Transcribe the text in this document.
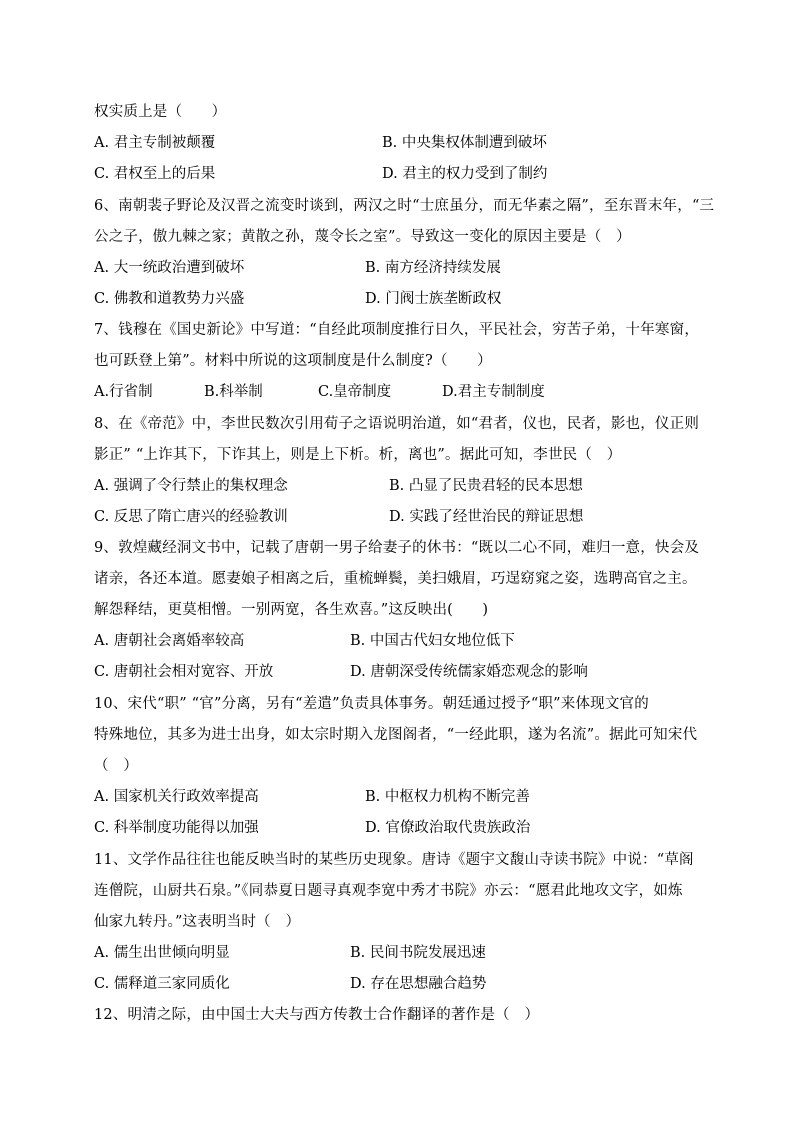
权实质上是（　　）
A. 君主专制被颠覆	B. 中央集权体制遭到破坏
C. 君权至上的后果	D. 君主的权力受到了制约
6、南朝裴子野论及汉晋之流变时谈到，两汉之时“士庶虽分，而无华素之隔”，至东晋末年，“三
公之子，傲九棘之家；黄散之孙，蔑令长之室”。导致这一变化的原因主要是（　）
A. 大一统政治遭到破坏	B. 南方经济持续发展
C. 佛教和道教势力兴盛	D. 门阀士族垄断政权
7、钱穆在《国史新论》中写道：“自经此项制度推行日久，平民社会，穷苦子弟，十年寒窗，
也可跃登上第”。材料中所说的这项制度是什么制度?（　　）
A.行省制	B.科举制	C.皇帝制度	D.君主专制制度
8、在《帝范》中，李世民数次引用荀子之语说明治道，如“君者，仪也，民者，影也，仪正则
影正” “上诈其下，下诈其上，则是上下析。析，离也”。据此可知，李世民（　）
A. 强调了令行禁止的集权理念	B. 凸显了民贵君轻的民本思想
C. 反思了隋亡唐兴的经验教训	D. 实践了经世治民的辩证思想
9、敦煌藏经洞文书中，记载了唐朝一男子给妻子的休书：“既以二心不同，难归一意，快会及
诸亲，各还本道。愿妻娘子相离之后，重梳蝉鬓，美扫娥眉，巧逞窈窕之姿，选聘高官之主。
解怨释结，更莫相憎。一别两宽，各生欢喜。”这反映出(　　)
A. 唐朝社会离婚率较高	B. 中国古代妇女地位低下
C. 唐朝社会相对宽容、开放	D. 唐朝深受传统儒家婚恋观念的影响
10、宋代“职” “官”分离，另有“差遣”负责具体事务。朝廷通过授予“职”来体现文官的
特殊地位，其多为进士出身，如太宗时期入龙图阁者，“一经此职，遂为名流”。据此可知宋代
（　）
A. 国家机关行政效率提高	B. 中枢权力机构不断完善
C. 科举制度功能得以加强	D. 官僚政治取代贵族政治
11、文学作品往往也能反映当时的某些历史现象。唐诗《题宇文馥山寺读书院》中说：“草阁
连僧院，山厨共石泉。”《同恭夏日题寻真观李宽中秀才书院》亦云：“愿君此地攻文字，如炼
仙家九转丹。”这表明当时（　）
A. 儒生出世倾向明显	B. 民间书院发展迅速
C. 儒释道三家同质化	D. 存在思想融合趋势
12、明清之际，由中国士大夫与西方传教士合作翻译的著作是（　）
